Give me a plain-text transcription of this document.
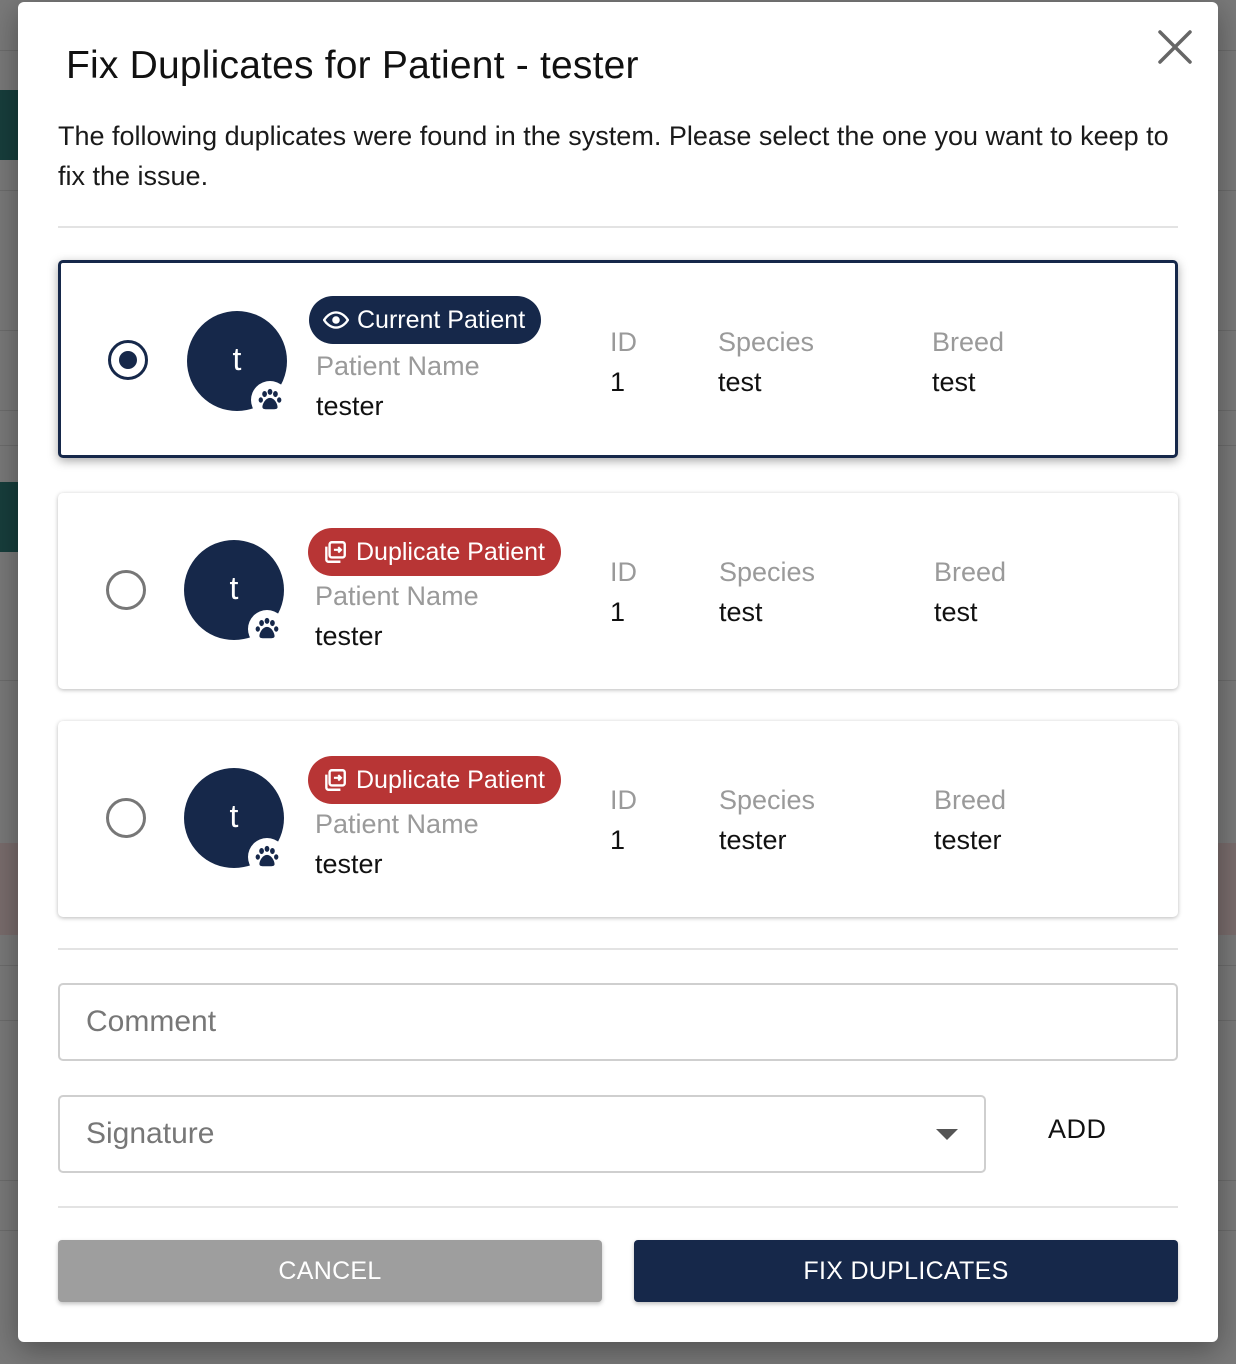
Fix Duplicates for Patient - tester

The following duplicates were found in the system. Please select the one you want to keep to fix the issue.

t
Current Patient
Patient Name
tester
ID
1
Species
test
Breed
test
t
Duplicate Patient
Patient Name
tester
ID
1
Species
test
Breed
test
t
Duplicate Patient
Patient Name
tester
ID
1
Species
tester
Breed
tester
Comment
Signature	ADD
CANCEL	FIX DUPLICATES
